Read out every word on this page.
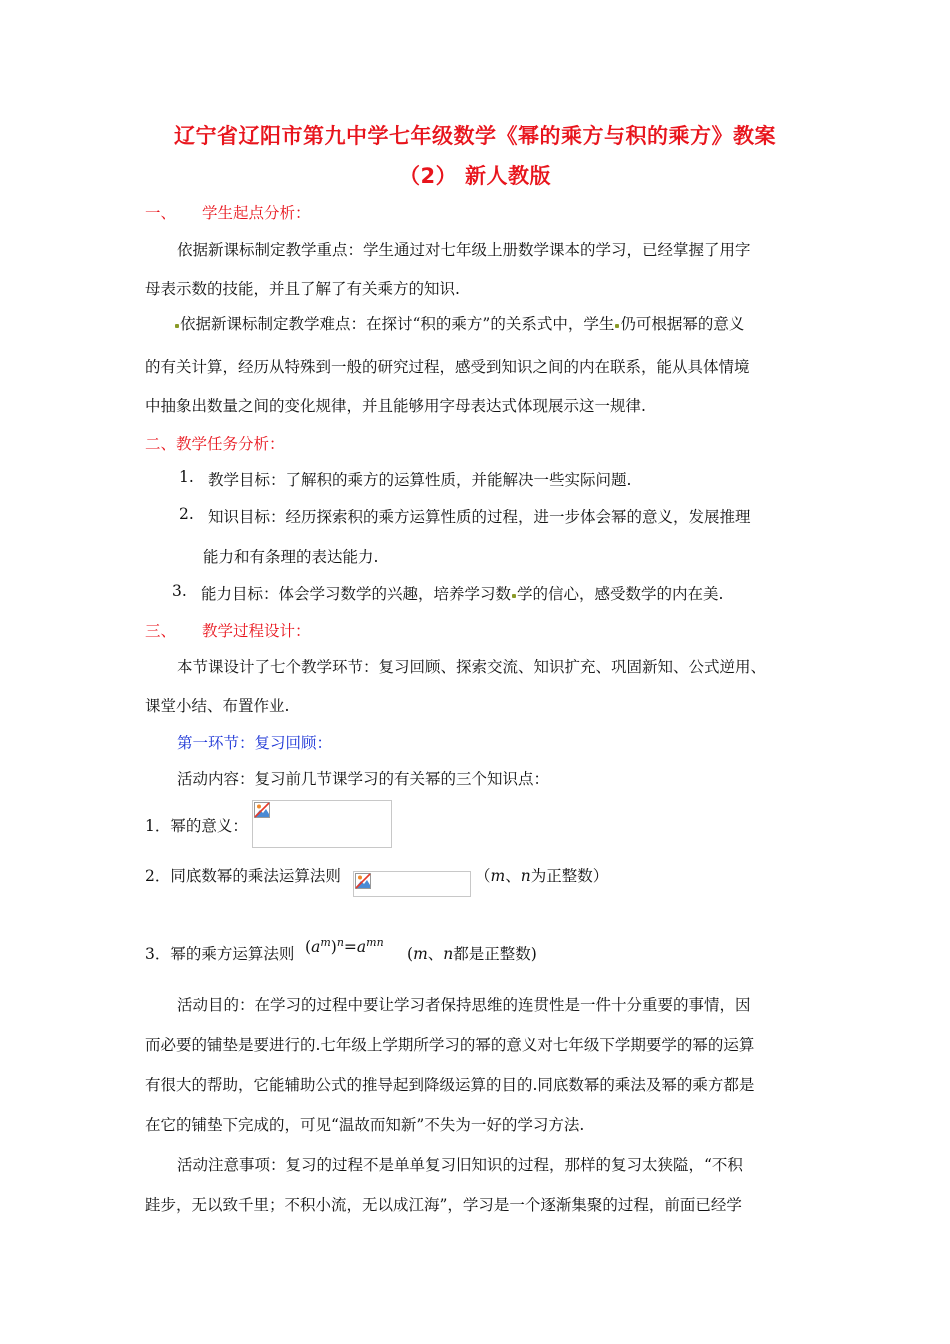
辽宁省辽阳市第九中学七年级数学《幂的乘方与积的乘方》教案
（2） 新人教版
一、 学生起点分析：
依据新课标制定教学重点：学生通过对七年级上册数学课本的学习，已经掌握了用字
母表示数的技能，并且了解了有关乘方的知识.
依据新课标制定教学难点：在探讨“积的乘方”的关系式中，学生 仍可根据幂的意义
的有关计算，经历从特殊到一般的研究过程，感受到知识之间的内在联系，能从具体情境
中抽象出数量之间的变化规律，并且能够用字母表达式体现展示这一规律.
二、教学任务分析：
1. 教学目标：了解积的乘方的运算性质，并能解决一些实际问题.
2. 知识目标：经历探索积的乘方运算性质的过程，进一步体会幂的意义，发展推理
能力和有条理的表达能力.
3. 能力目标：体会学习数学的兴趣，培养学习数 学的信心，感受数学的内在美.
三、 教学过程设计：
本节课设计了七个教学环节：复习回顾、探索交流、知识扩充、巩固新知、公式逆用、
课堂小结、布置作业.
第一环节：复习回顾：
活动内容：复习前几节课学习的有关幂的三个知识点：
1．幂的意义：
2．同底数幂的乘法运算法则	（m、n为正整数）
3．幂的乘方运算法则 $(a^m)^n=a^{mn}$
(m、n都是正整数)
活动目的：在学习的过程中要让学习者保持思维的连贯性是一件十分重要的事情，因
而必要的铺垫是要进行的.七年级上学期所学习的幂的意义对七年级下学期要学的幂的运算
有很大的帮助，它能辅助公式的推导起到降级运算的目的.同底数幂的乘法及幂的乘方都是
在它的铺垫下完成的，可见“温故而知新”不失为一好的学习方法.
活动注意事项：复习的过程不是单单复习旧知识的过程，那样的复习太狭隘，“不积
跬步，无以致千里；不积小流，无以成江海”，学习是一个逐渐集聚的过程，前面已经学
